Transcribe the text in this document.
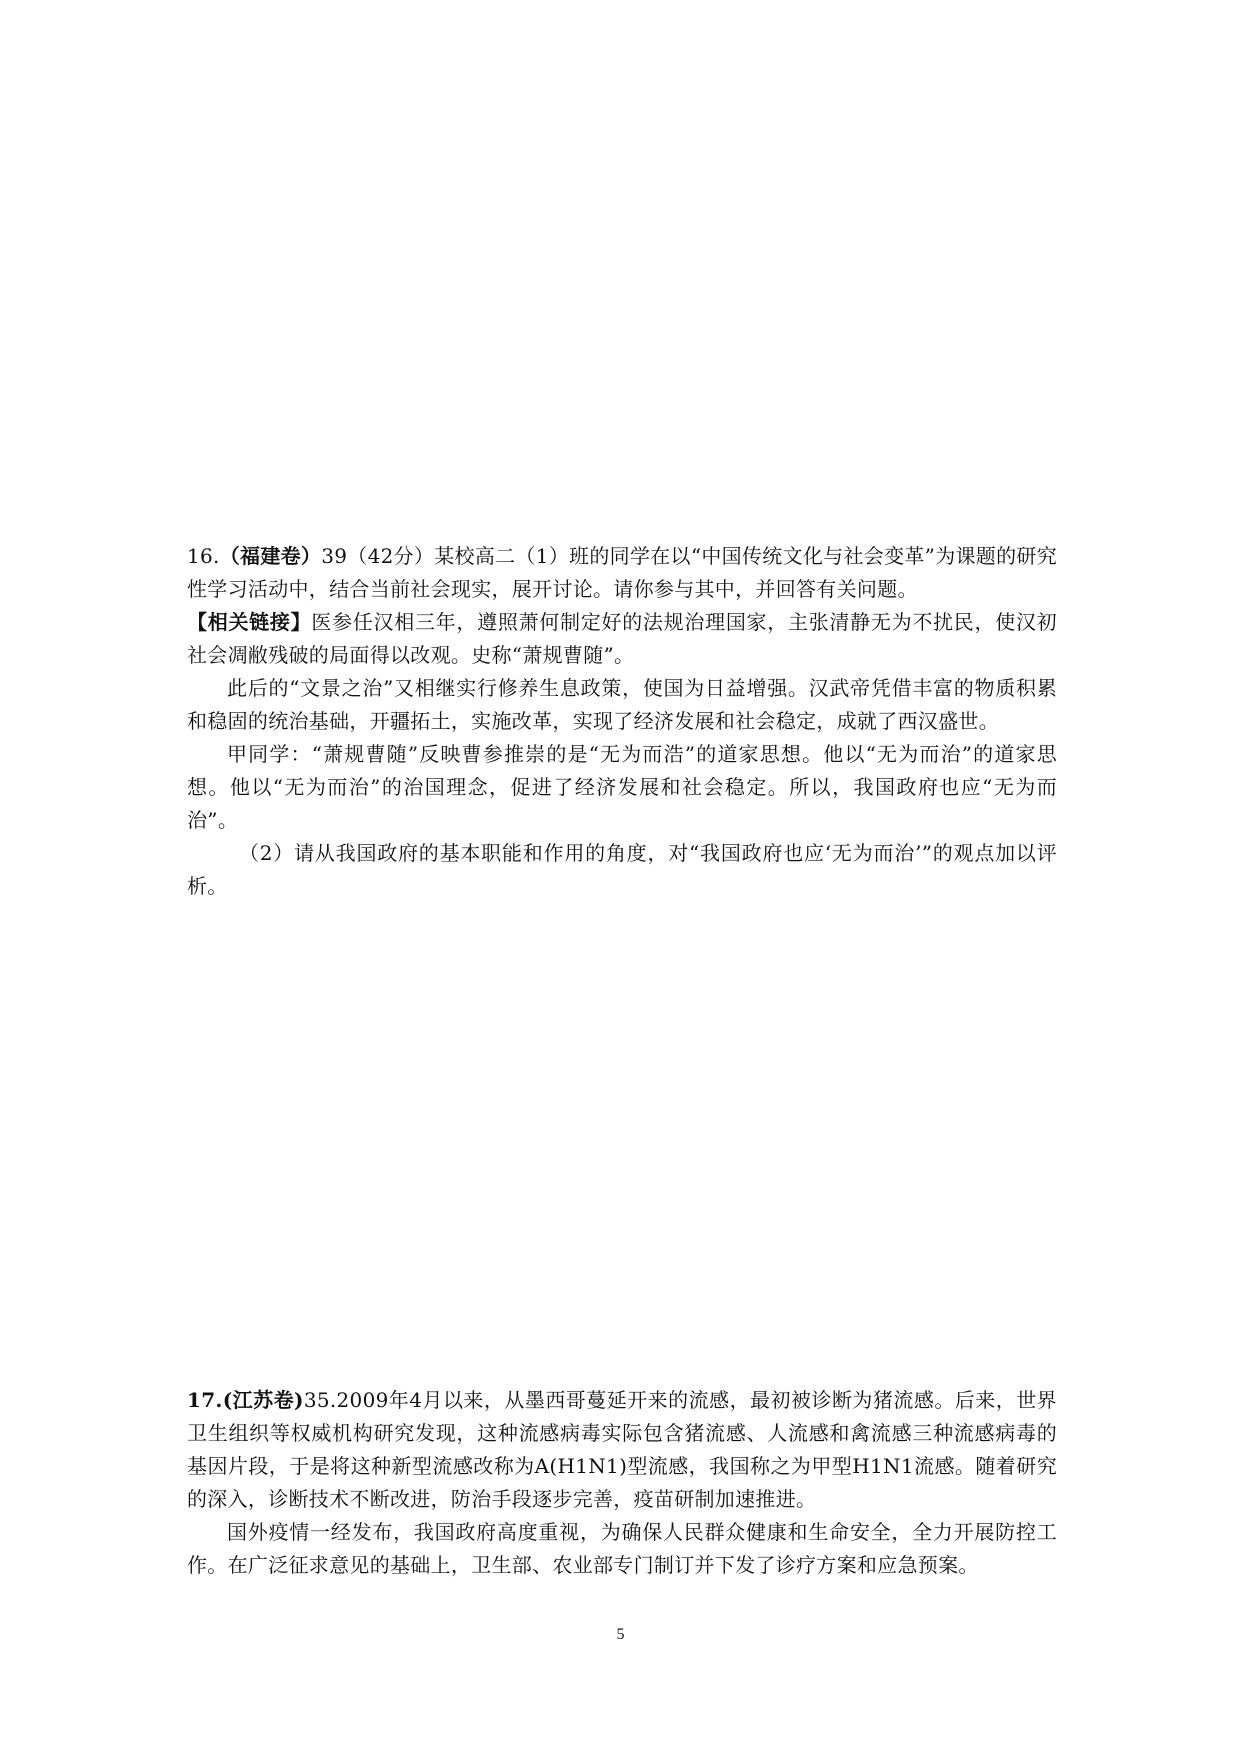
16.（福建卷）39（42分）某校高二（1）班的同学在以“中国传统文化与社会变革”为课题的研究性学习活动中，结合当前社会现实，展开讨论。请你参与其中，并回答有关问题。

【相关链接】医参任汉相三年，遵照萧何制定好的法规治理国家，主张清静无为不扰民，使汉初社会凋敝残破的局面得以改观。史称“萧规曹随”。

此后的“文景之治”又相继实行修养生息政策，使国为日益增强。汉武帝凭借丰富的物质积累和稳固的统治基础，开疆拓土，实施改革，实现了经济发展和社会稳定，成就了西汉盛世。

甲同学：“萧规曹随”反映曹参推崇的是“无为而浩”的道家思想。他以“无为而治”的道家思想。他以“无为而治”的治国理念，促进了经济发展和社会稳定。所以，我国政府也应“无为而治”。

（2）请从我国政府的基本职能和作用的角度，对“我国政府也应‘无为而治’”的观点加以评析。

17.(江苏卷)35.2009年4月以来，从墨西哥蔓延开来的流感，最初被诊断为猪流感。后来，世界卫生组织等权威机构研究发现，这种流感病毒实际包含猪流感、人流感和禽流感三种流感病毒的基因片段，于是将这种新型流感改称为A(H1N1)型流感，我国称之为甲型H1N1流感。随着研究的深入，诊断技术不断改进，防治手段逐步完善，疫苗研制加速推进。

国外疫情一经发布，我国政府高度重视，为确保人民群众健康和生命安全，全力开展防控工作。在广泛征求意见的基础上，卫生部、农业部专门制订并下发了诊疗方案和应急预案。

5
